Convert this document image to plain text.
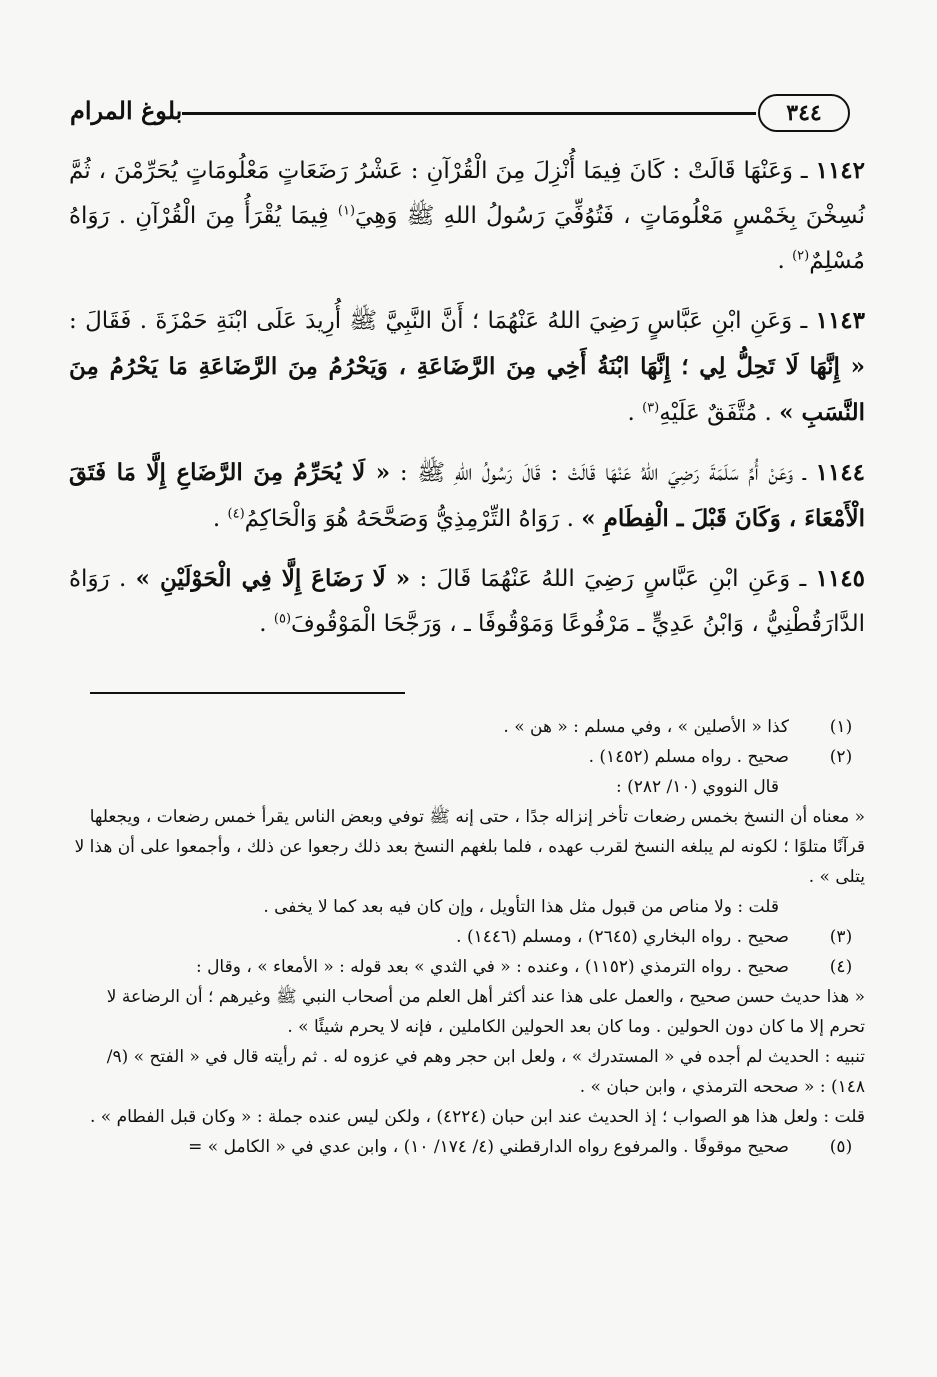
٣٤٤
بلوغ المرام

١١٤٢ ـ وَعَنْهَا قَالَتْ : كَانَ فِيمَا أُنْزِلَ مِنَ الْقُرْآنِ : عَشْرُ رَضَعَاتٍ مَعْلُومَاتٍ يُحَرِّمْنَ ، ثُمَّ نُسِخْنَ بِخَمْسٍ مَعْلُومَاتٍ ، فَتُوُفِّيَ رَسُولُ اللهِ ﷺ وَهِيَ$^{(١)}$ فِيمَا يُقْرَأُ مِنَ الْقُرْآنِ . رَوَاهُ مُسْلِمٌ$^{(٢)}$ .

١١٤٣ ـ وَعَنِ ابْنِ عَبَّاسٍ رَضِيَ اللهُ عَنْهُمَا ؛ أَنَّ النَّبِيَّ ﷺ أُرِيدَ عَلَى ابْنَةِ حَمْزَةَ . فَقَالَ : « إِنَّهَا لَا تَحِلُّ لِي ؛ إِنَّهَا ابْنَةُ أَخِي مِنَ الرَّضَاعَةِ ، وَيَحْرُمُ مِنَ الرَّضَاعَةِ مَا يَحْرُمُ مِنَ النَّسَبِ » . مُتَّفَقٌ عَلَيْهِ$^{(٣)}$ .

١١٤٤ ـ وَعَنْ أُمِّ سَلَمَةَ رَضِيَ اللهُ عَنْهَا قَالَتْ : قَالَ رَسُولُ اللهِ ﷺ : « لَا يُحَرِّمُ مِنَ الرَّضَاعِ إِلَّا مَا فَتَقَ الْأَمْعَاءَ ، وَكَانَ قَبْلَ ـ الْفِطَامِ » . رَوَاهُ التِّرْمِذِيُّ وَصَحَّحَهُ هُوَ وَالْحَاكِمُ$^{(٤)}$ .

١١٤٥ ـ وَعَنِ ابْنِ عَبَّاسٍ رَضِيَ اللهُ عَنْهُمَا قَالَ : « لَا رَضَاعَ إِلَّا فِي الْحَوْلَيْنِ » . رَوَاهُ الدَّارَقُطْنِيُّ ، وَابْنُ عَدِيٍّ ـ مَرْفُوعًا وَمَوْقُوفًا ـ ، وَرَجَّحَا الْمَوْقُوفَ$^{(٥)}$ .

(١)

كذا « الأصلين » ، وفي مسلم : « هن » .

(٢)

صحيح . رواه مسلم (١٤٥٢) .

قال النووي (١٠/ ٢٨٢) :

« معناه أن النسخ بخمس رضعات تأخر إنزاله جدًا ، حتى إنه ﷺ توفي وبعض الناس يقرأ خمس رضعات ، ويجعلها قرآنًا متلوًا ؛ لكونه لم يبلغه النسخ لقرب عهده ، فلما بلغهم النسخ بعد ذلك رجعوا عن ذلك ، وأجمعوا على أن هذا لا يتلى » .

قلت : ولا مناص من قبول مثل هذا التأويل ، وإن كان فيه بعد كما لا يخفى .

(٣)

صحيح . رواه البخاري (٢٦٤٥) ، ومسلم (١٤٤٦) .

(٤)

صحيح . رواه الترمذي (١١٥٢) ، وعنده : « في الثدي » بعد قوله : « الأمعاء » ، وقال :

« هذا حديث حسن صحيح ، والعمل على هذا عند أكثر أهل العلم من أصحاب النبي ﷺ وغيرهم ؛ أن الرضاعة لا تحرم إلا ما كان دون الحولين . وما كان بعد الحولين الكاملين ، فإنه لا يحرم شيئًا » .

تنبيه : الحديث لم أجده في « المستدرك » ، ولعل ابن حجر وهم في عزوه له . ثم رأيته قال في « الفتح » (٩/ ١٤٨) : « صححه الترمذي ، وابن حبان » .

قلت : ولعل هذا هو الصواب ؛ إذ الحديث عند ابن حبان (٤٢٢٤) ، ولكن ليس عنده جملة : « وكان قبل الفطام » .

(٥)

صحيح موقوفًا . والمرفوع رواه الدارقطني (٤/ ١٧٤/ ١٠) ، وابن عدي في « الكامل » =
